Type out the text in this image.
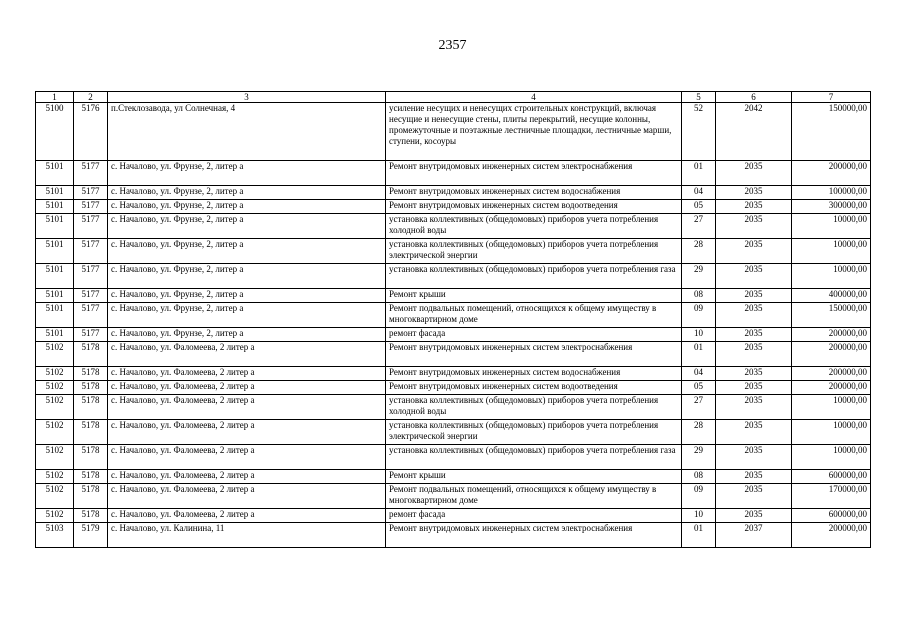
2357
1	2	3	4	5	6	7
5100	5176	п.Стеклозавода, ул Солнечная, 4	усиление несущих и ненесущих строительных конструкций, включая несущие и ненесущие стены, плиты перекрытий, несущие колонны, промежуточные и поэтажные лестничные площадки, лестничные марши, ступени, косоуры	52	2042	150000,00
5101	5177	с. Началово, ул. Фрунзе, 2, литер а	Ремонт внутридомовых инженерных систем электроснабжения	01	2035	200000,00
5101	5177	с. Началово, ул. Фрунзе, 2, литер а	Ремонт внутридомовых инженерных систем водоснабжения	04	2035	100000,00
5101	5177	с. Началово, ул. Фрунзе, 2, литер а	Ремонт внутридомовых инженерных систем водоотведения	05	2035	300000,00
5101	5177	с. Началово, ул. Фрунзе, 2, литер а	установка коллективных (общедомовых) приборов учета потребления холодной воды	27	2035	10000,00
5101	5177	с. Началово, ул. Фрунзе, 2, литер а	установка коллективных (общедомовых) приборов учета потребления электрической энергии	28	2035	10000,00
5101	5177	с. Началово, ул. Фрунзе, 2, литер а	установка коллективных (общедомовых) приборов учета потребления газа	29	2035	10000,00
5101	5177	с. Началово, ул. Фрунзе, 2, литер а	Ремонт крыши	08	2035	400000,00
5101	5177	с. Началово, ул. Фрунзе, 2, литер а	Ремонт подвальных помещений, относящихся к общему имуществу в многоквартирном доме	09	2035	150000,00
5101	5177	с. Началово, ул. Фрунзе, 2, литер а	ремонт фасада	10	2035	200000,00
5102	5178	с. Началово, ул. Фаломеева, 2 литер а	Ремонт внутридомовых инженерных систем электроснабжения	01	2035	200000,00
5102	5178	с. Началово, ул. Фаломеева, 2 литер а	Ремонт внутридомовых инженерных систем водоснабжения	04	2035	200000,00
5102	5178	с. Началово, ул. Фаломеева, 2 литер а	Ремонт внутридомовых инженерных систем водоотведения	05	2035	200000,00
5102	5178	с. Началово, ул. Фаломеева, 2 литер а	установка коллективных (общедомовых) приборов учета потребления холодной воды	27	2035	10000,00
5102	5178	с. Началово, ул. Фаломеева, 2 литер а	установка коллективных (общедомовых) приборов учета потребления электрической энергии	28	2035	10000,00
5102	5178	с. Началово, ул. Фаломеева, 2 литер а	установка коллективных (общедомовых) приборов учета потребления газа	29	2035	10000,00
5102	5178	с. Началово, ул. Фаломеева, 2 литер а	Ремонт крыши	08	2035	600000,00
5102	5178	с. Началово, ул. Фаломеева, 2 литер а	Ремонт подвальных помещений, относящихся к общему имуществу в многоквартирном доме	09	2035	170000,00
5102	5178	с. Началово, ул. Фаломеева, 2 литер а	ремонт фасада	10	2035	600000,00
5103	5179	с. Началово, ул. Калинина, 11	Ремонт внутридомовых инженерных систем электроснабжения	01	2037	200000,00
